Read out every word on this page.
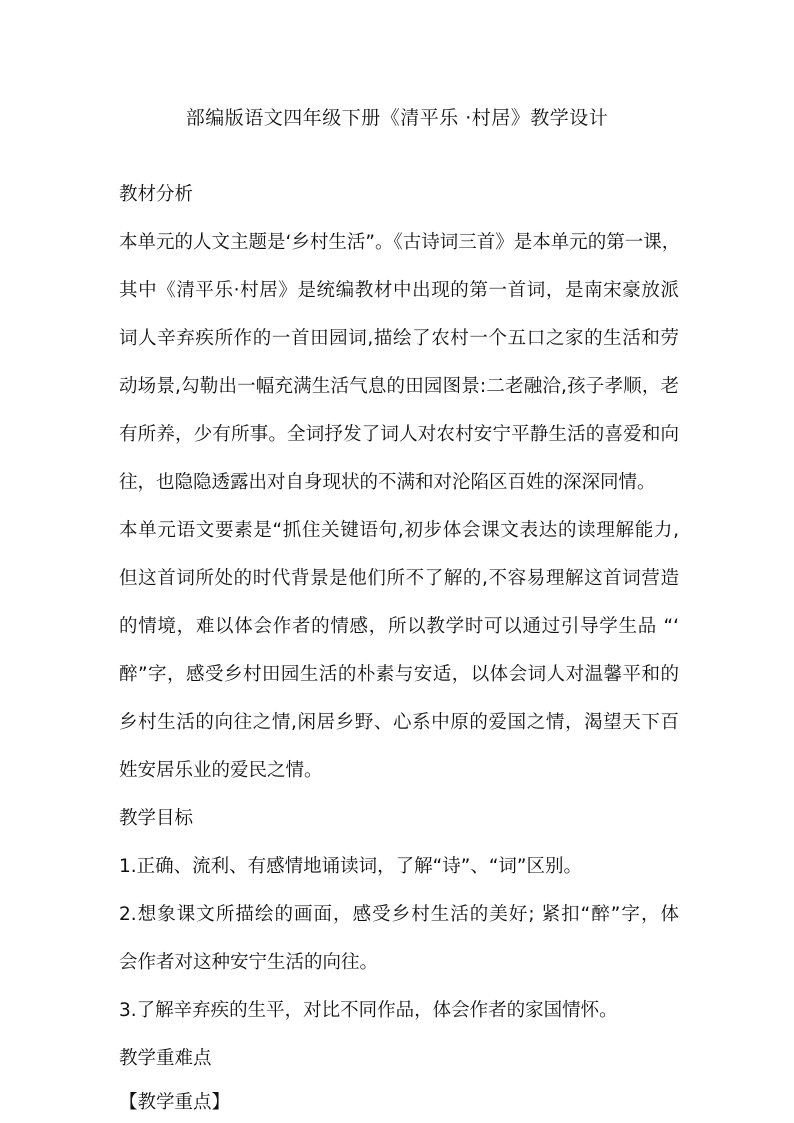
部编版语文四年级下册《清平乐 ·村居》教学设计
教材分析
本单元的人文主题是‘乡村生活”。《古诗词三首》是本单元的第一课，
其中《清平乐·村居》是统编教材中出现的第一首词，是南宋豪放派
词人辛弃疾所作的一首田园词,描绘了农村一个五口之家的生活和劳
动场景,勾勒出一幅充满生活气息的田园图景:二老融洽,孩子孝顺，老
有所养，少有所事。全词抒发了词人对农村安宁平静生活的喜爱和向
往，也隐隐透露出对自身现状的不满和对沦陷区百姓的深深同情。
本单元语文要素是“抓住关键语句,初步体会课文表达的读理解能力,
但这首词所处的时代背景是他们所不了解的,不容易理解这首词营造
的情境，难以体会作者的情感，所以教学时可以通过引导学生品 “‘
醉”字，感受乡村田园生活的朴素与安适，以体会词人对温馨平和的
乡村生活的向往之情,闲居乡野、心系中原的爱国之情，渴望天下百
姓安居乐业的爱民之情。
教学目标
1.正确、流利、有感情地诵读词，了解“诗”、“词”区别。
2.想象课文所描绘的画面，感受乡村生活的美好; 紧扣“醉”字，体
会作者对这种安宁生活的向往。
3.了解辛弃疾的生平，对比不同作品，体会作者的家国情怀。
教学重难点
【教学重点】
